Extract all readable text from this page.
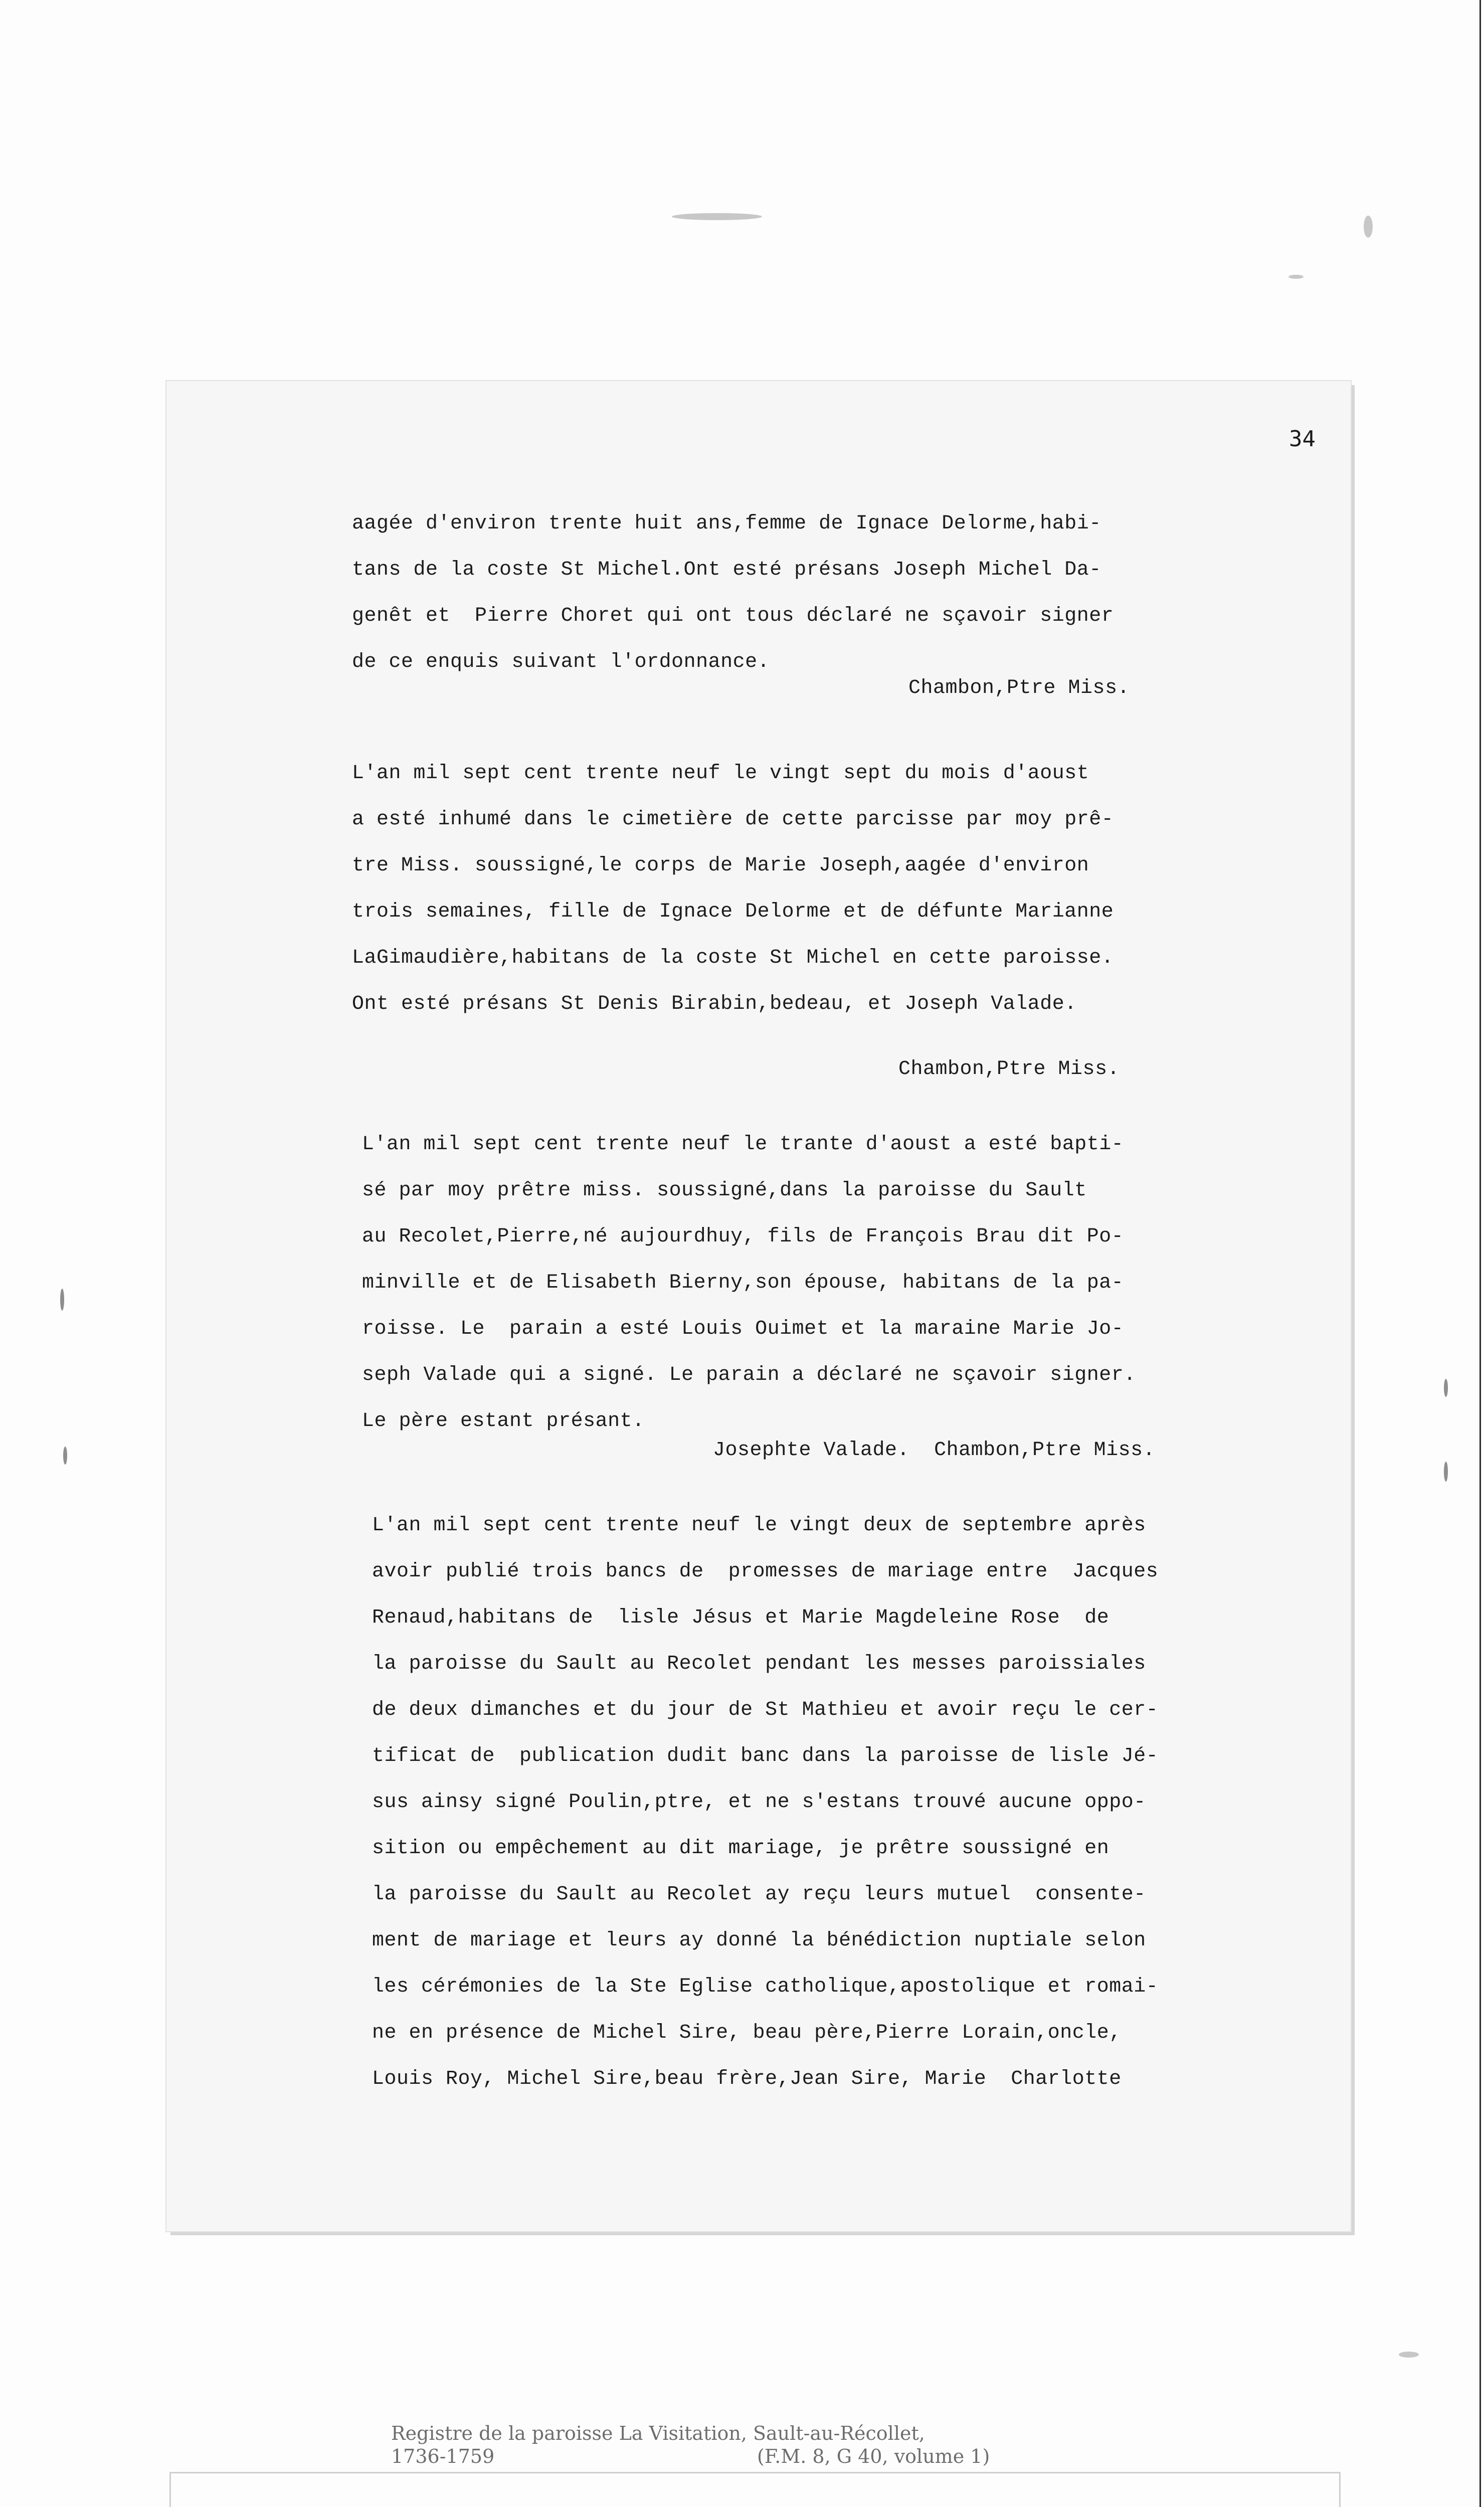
34
aagée d'environ trente huit ans,femme de Ignace Delorme,habi-
tans de la coste St Michel.Ont esté présans Joseph Michel Da-
genêt et  Pierre Choret qui ont tous déclaré ne sçavoir signer
de ce enquis suivant l'ordonnance.
Chambon,Ptre Miss.
L'an mil sept cent trente neuf le vingt sept du mois d'aoust
a esté inhumé dans le cimetière de cette parcisse par moy prê-
tre Miss. soussigné,le corps de Marie Joseph,aagée d'environ
trois semaines, fille de Ignace Delorme et de défunte Marianne
LaGimaudière,habitans de la coste St Michel en cette paroisse.
Ont esté présans St Denis Birabin,bedeau, et Joseph Valade.
Chambon,Ptre Miss.
L'an mil sept cent trente neuf le trante d'aoust a esté bapti-
sé par moy prêtre miss. soussigné,dans la paroisse du Sault
au Recolet,Pierre,né aujourdhuy, fils de François Brau dit Po-
minville et de Elisabeth Bierny,son épouse, habitans de la pa-
roisse. Le  parain a esté Louis Ouimet et la maraine Marie Jo-
seph Valade qui a signé. Le parain a déclaré ne sçavoir signer.
Le père estant présant.
Josephte Valade.  Chambon,Ptre Miss.
L'an mil sept cent trente neuf le vingt deux de septembre après
avoir publié trois bancs de  promesses de mariage entre  Jacques
Renaud,habitans de  lisle Jésus et Marie Magdeleine Rose  de
la paroisse du Sault au Recolet pendant les messes paroissiales
de deux dimanches et du jour de St Mathieu et avoir reçu le cer-
tificat de  publication dudit banc dans la paroisse de lisle Jé-
sus ainsy signé Poulin,ptre, et ne s'estans trouvé aucune oppo-
sition ou empêchement au dit mariage, je prêtre soussigné en
la paroisse du Sault au Recolet ay reçu leurs mutuel  consente-
ment de mariage et leurs ay donné la bénédiction nuptiale selon
les cérémonies de la Ste Eglise catholique,apostolique et romai-
ne en présence de Michel Sire, beau père,Pierre Lorain,oncle,
Louis Roy, Michel Sire,beau frère,Jean Sire, Marie  Charlotte
Registre de la paroisse La Visitation, Sault-au-Récollet,
1736-1759	(F.M. 8, G 40, volume 1)
